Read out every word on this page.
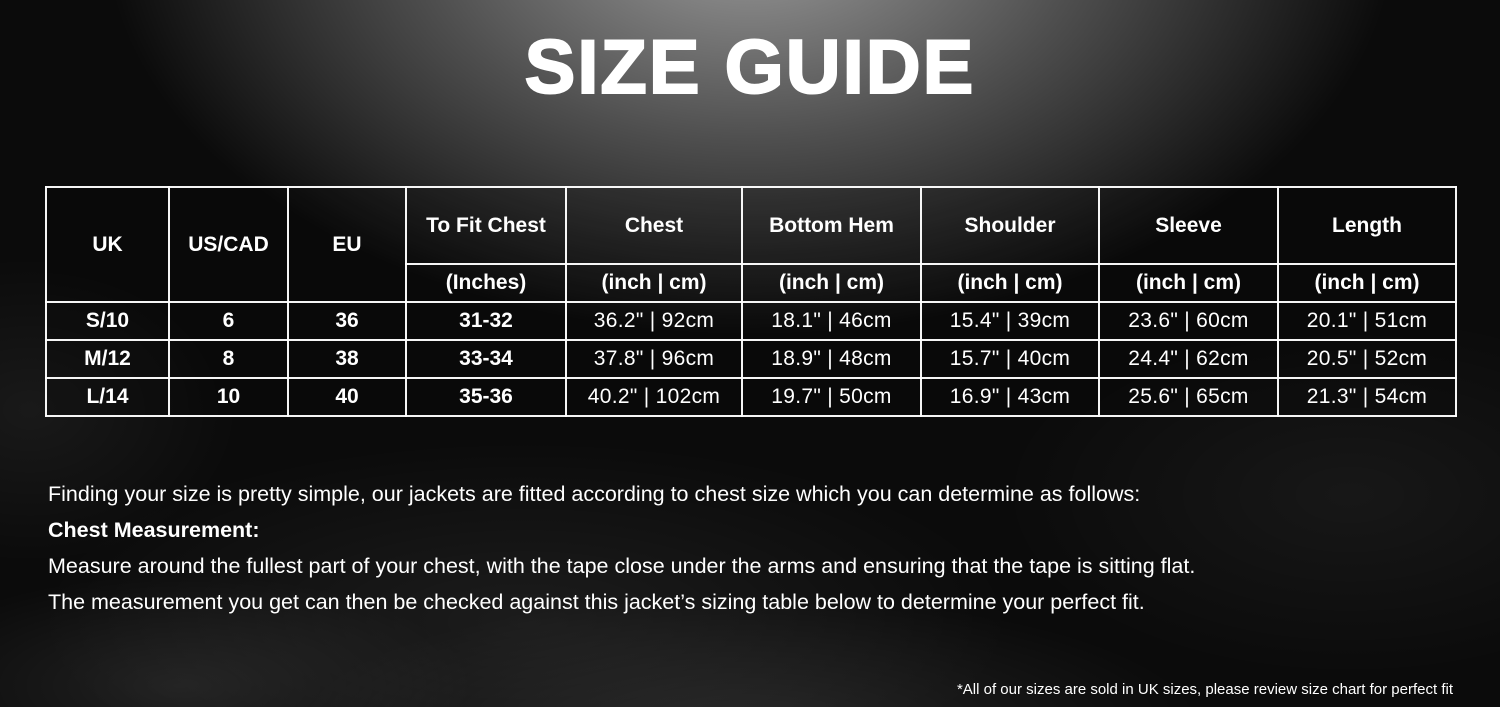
SIZE GUIDE
UK	US/CAD	EU	To Fit Chest	Chest	Bottom Hem	Shoulder	Sleeve	Length
			(Inches)	(inch | cm)	(inch | cm)	(inch | cm)	(inch | cm)	(inch | cm)
S/10	6	36	31-32	36.2" | 92cm	18.1" | 46cm	15.4" | 39cm	23.6" | 60cm	20.1" | 51cm
M/12	8	38	33-34	37.8" | 96cm	18.9" | 48cm	15.7" | 40cm	24.4" | 62cm	20.5" | 52cm
L/14	10	40	35-36	40.2" | 102cm	19.7" | 50cm	16.9" | 43cm	25.6" | 65cm	21.3" | 54cm

Finding your size is pretty simple, our jackets are fitted according to chest size which you can determine as follows:

Chest Measurement:

Measure around the fullest part of your chest, with the tape close under the arms and ensuring that the tape is sitting flat.

The measurement you get can then be checked against this jacket’s sizing table below to determine your perfect fit.

*All of our sizes are sold in UK sizes, please review size chart for perfect fit
